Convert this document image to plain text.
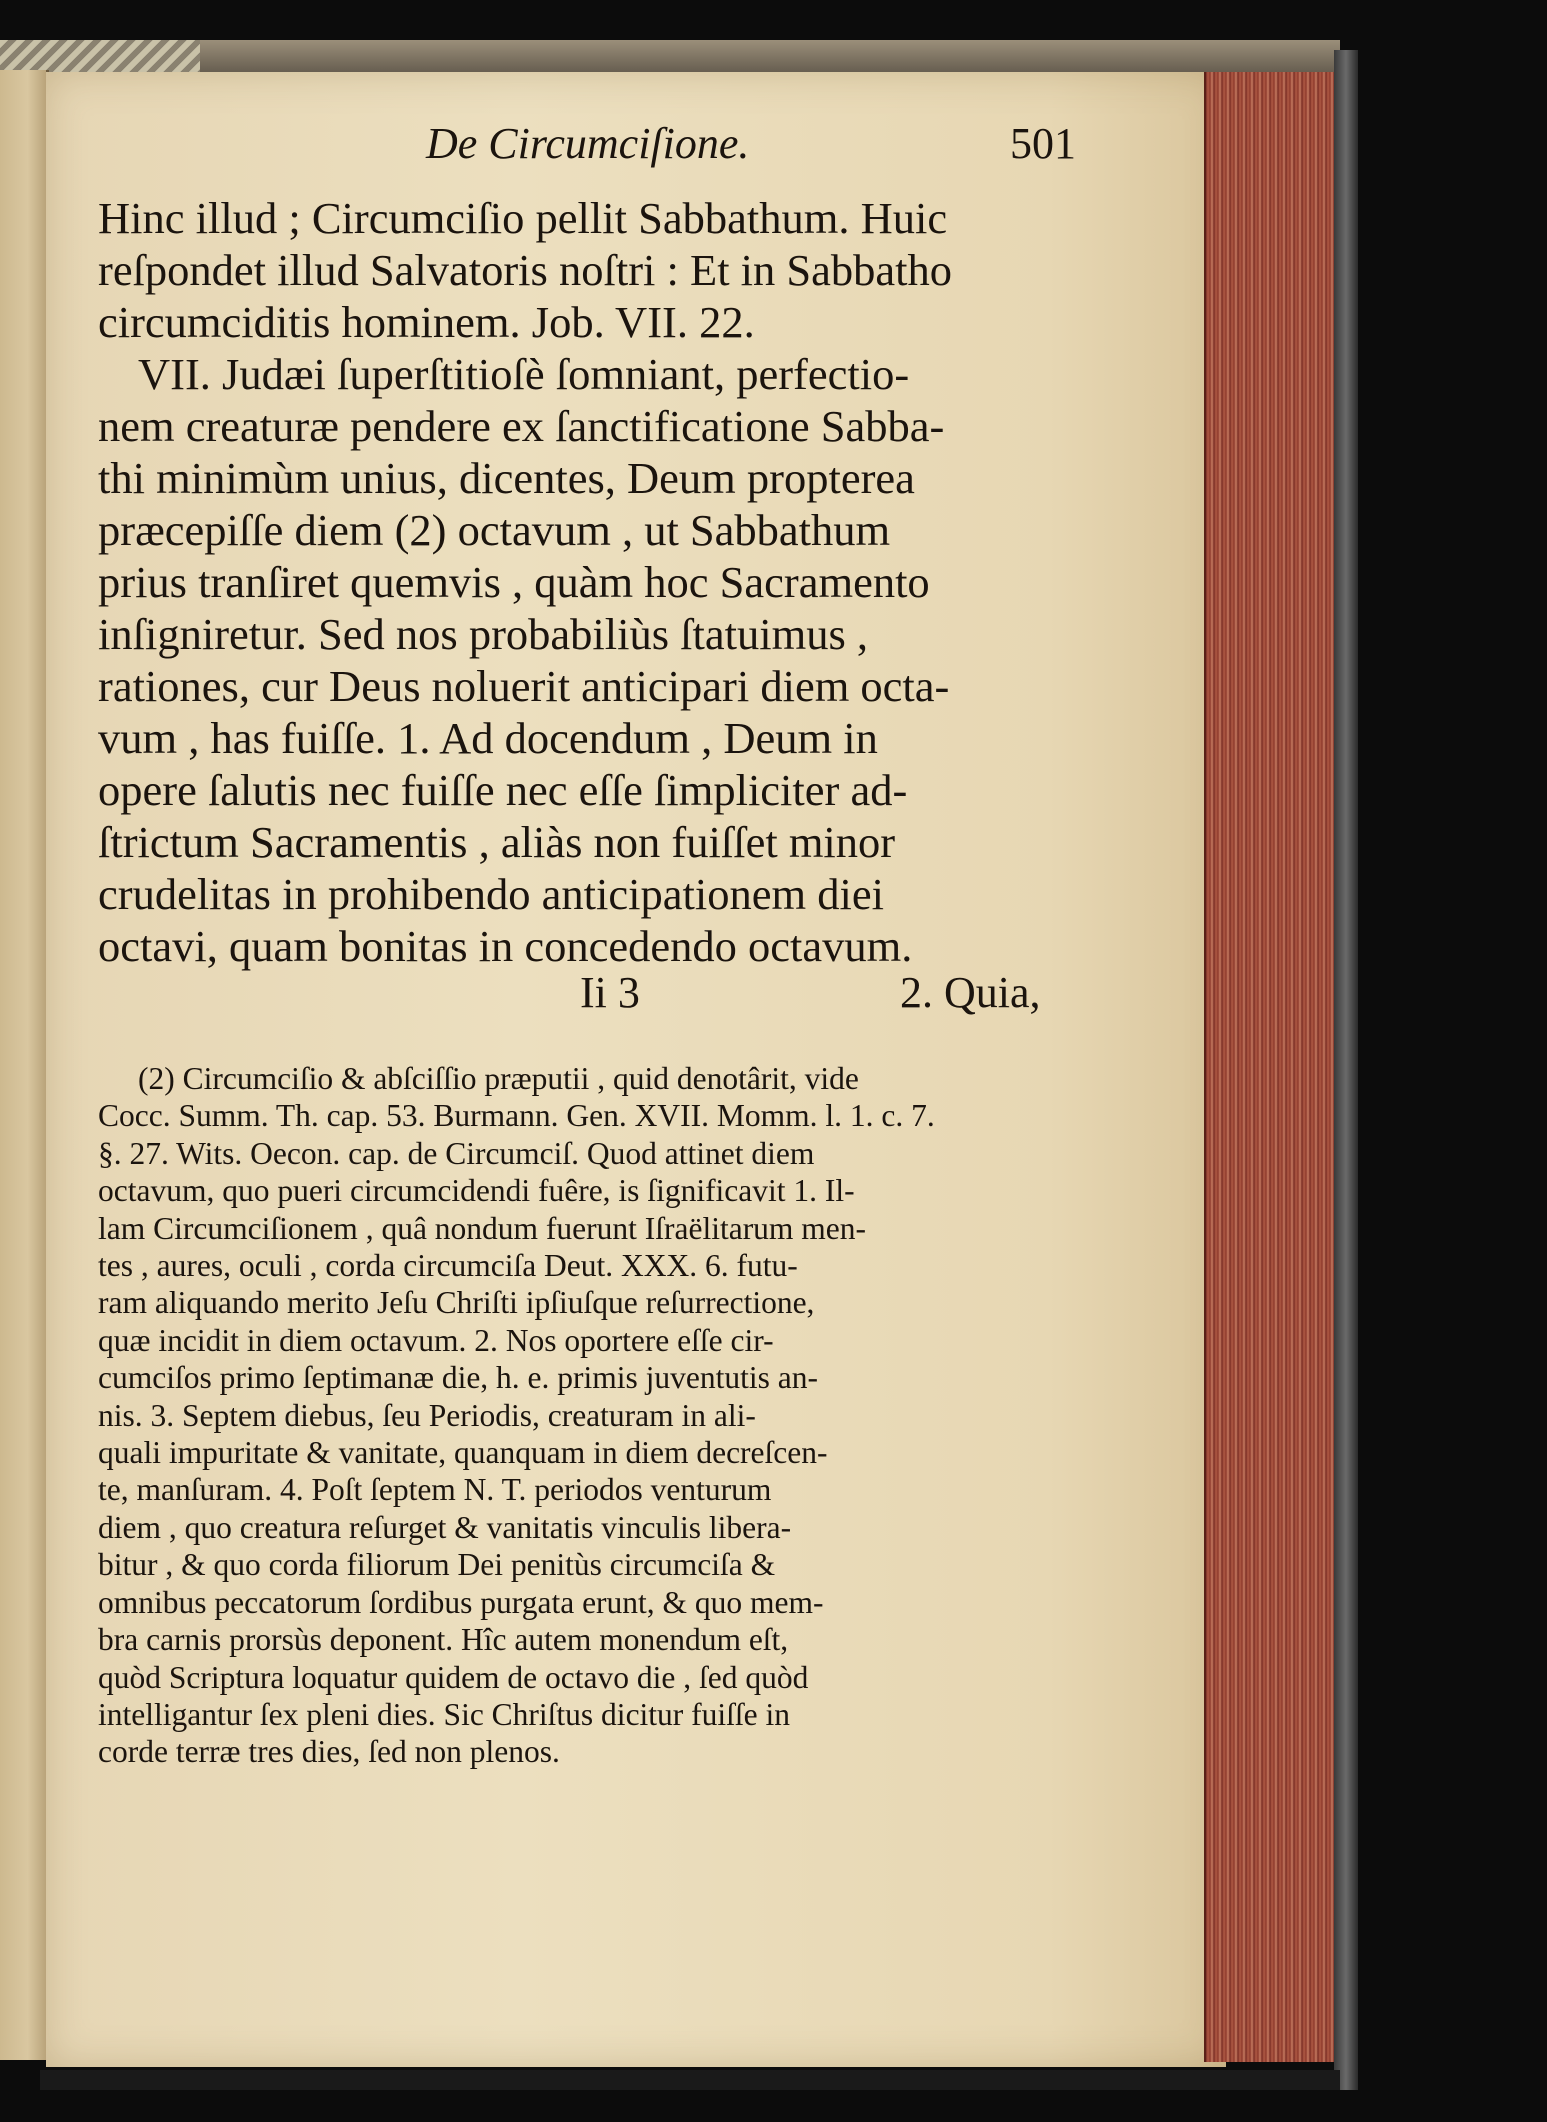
De Circumciſione.	501
Hinc illud ; Circumciſio pellit Sabbathum. Huic
reſpondet illud Salvatoris noſtri : Et in Sabbatho
circumciditis hominem. Job. VII. 22.
VII. Judæi ſuperſtitioſè ſomniant, perfectio-
nem creaturæ pendere ex ſanctificatione Sabba-
thi minimùm unius, dicentes, Deum propterea
præcepiſſe diem (2) octavum , ut Sabbathum
prius tranſiret quemvis , quàm hoc Sacramento
inſigniretur. Sed nos probabiliùs ſtatuimus ,
rationes, cur Deus noluerit anticipari diem octa-
vum , has fuiſſe. 1. Ad docendum , Deum in
opere ſalutis nec fuiſſe nec eſſe ſimpliciter ad-
ſtrictum Sacramentis , aliàs non fuiſſet minor
crudelitas in prohibendo anticipationem diei
octavi, quam bonitas in concedendo octavum.
Ii 3	2. Quia,
(2) Circumciſio & abſciſſio præputii , quid denotârit, vide
Cocc. Summ. Th. cap. 53. Burmann. Gen. XVII. Momm. l. 1. c. 7.
§. 27. Wits. Oecon. cap. de Circumciſ. Quod attinet diem
octavum, quo pueri circumcidendi fuêre, is ſignificavit 1. Il-
lam Circumciſionem , quâ nondum fuerunt Iſraëlitarum men-
tes , aures, oculi , corda circumciſa Deut. XXX. 6. futu-
ram aliquando merito Jeſu Chriſti ipſiuſque reſurrectione,
quæ incidit in diem octavum. 2. Nos oportere eſſe cir-
cumciſos primo ſeptimanæ die, h. e. primis juventutis an-
nis. 3. Septem diebus, ſeu Periodis, creaturam in ali-
quali impuritate & vanitate, quanquam in diem decreſcen-
te, manſuram. 4. Poſt ſeptem N. T. periodos venturum
diem , quo creatura reſurget & vanitatis vinculis libera-
bitur , & quo corda filiorum Dei penitùs circumciſa &
omnibus peccatorum ſordibus purgata erunt, & quo mem-
bra carnis prorsùs deponent. Hîc autem monendum eſt,
quòd Scriptura loquatur quidem de octavo die , ſed quòd
intelligantur ſex pleni dies. Sic Chriſtus dicitur fuiſſe in
corde terræ tres dies, ſed non plenos.
